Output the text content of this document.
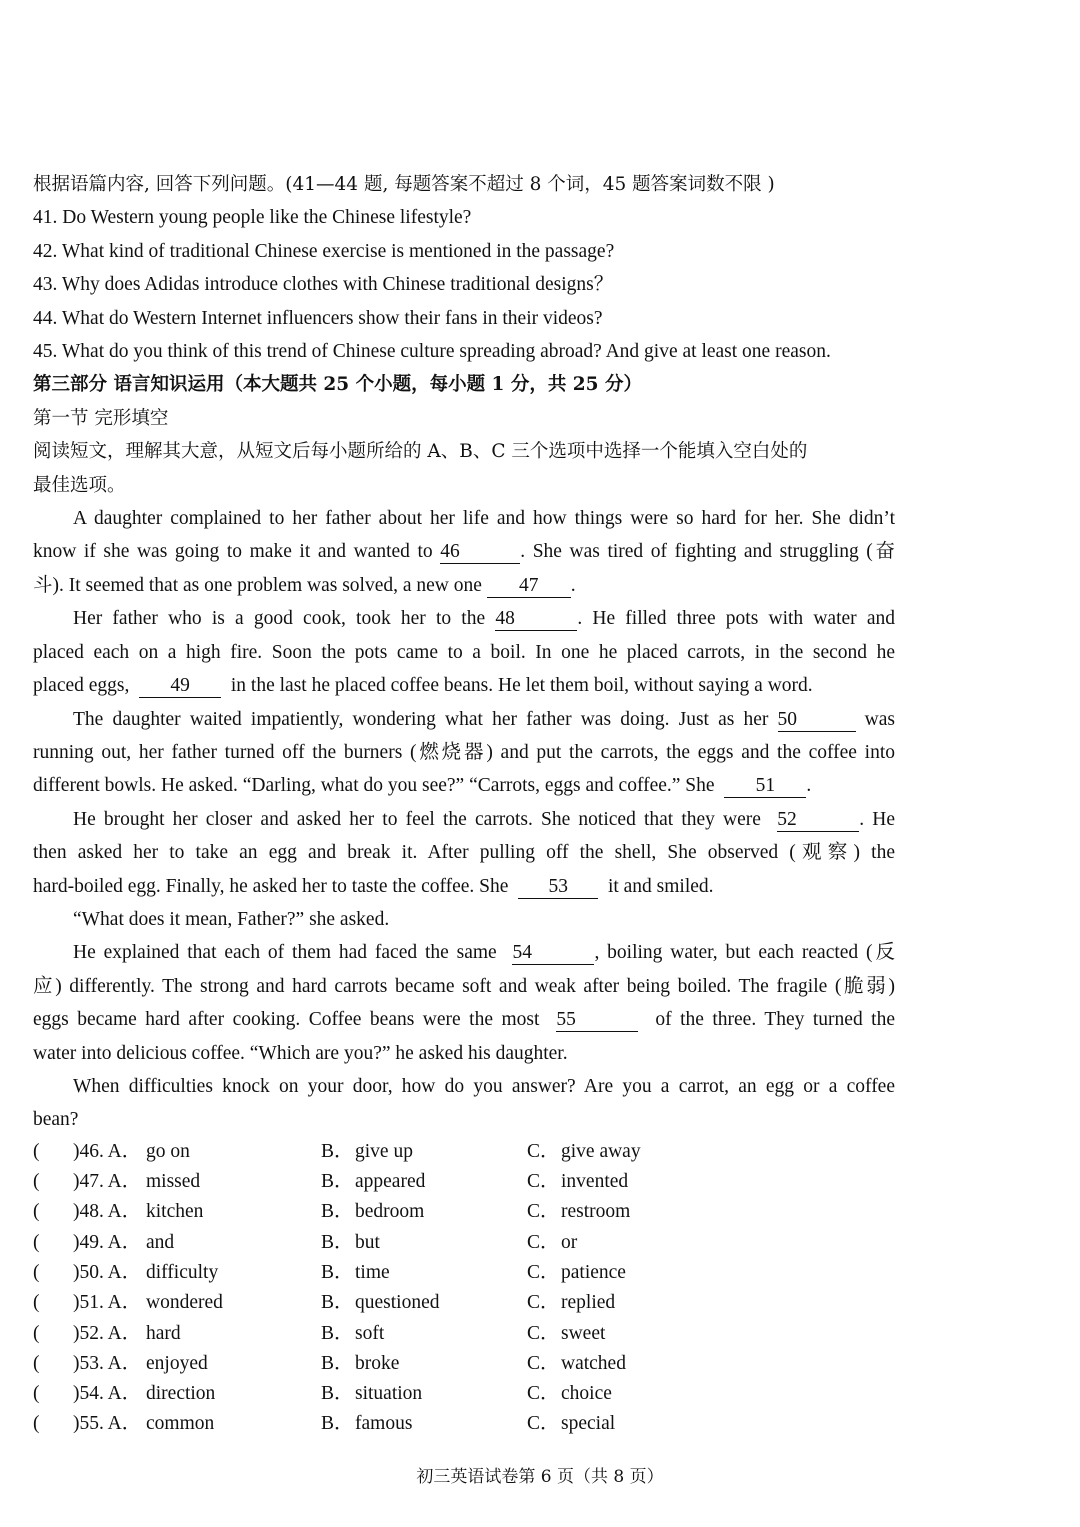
根据语篇内容, 回答下列问题。(41—44 题, 每题答案不超过 8 个词，45 题答案词数不限 )
41. Do Western young people like the Chinese lifestyle?
42. What kind of traditional Chinese exercise is mentioned in the passage?
43. Why does Adidas introduce clothes with Chinese traditional designs？
44. What do Western Internet influencers show their fans in their videos?
45. What do you think of this trend of Chinese culture spreading abroad? And give at least one reason.
第三部分 语言知识运用（本大题共 25 个小题，每小题 1 分，共 25 分）
第一节 完形填空
阅读短文，理解其大意，从短文后每小题所给的 A、B、C 三个选项中选择一个能填入空白处的
最佳选项。
A daughter complained to her father about her life and how things were so hard for her. She didn’t
know if she was going to make it and wanted to 46	. She was tired of fighting and struggling (奋
斗). It seemed that as one problem was solved, a new one 47 .
Her father who is a good cook, took her to the 48	. He filled three pots with water and
placed each on a high fire. Soon the pots came to a boil. In one he placed carrots, in the second he
placed eggs, 49 in the last he placed coffee beans. He let them boil, without saying a word.
The daughter waited impatiently, wondering what her father was doing. Just as her 50	was
running out, her father turned off the burners (燃烧器) and put the carrots, the eggs and the coffee into
different bowls. He asked. “Darling, what do you see?” “Carrots, eggs and coffee.” She 51 .
He brought her closer and asked her to feel the carrots. She noticed that they were 52	. He
then asked her to take an egg and break it. After pulling off the shell, She observed (观察) the
hard-boiled egg. Finally, he asked her to taste the coffee. She 53 it and smiled.
“What does it mean, Father?” she asked.
He explained that each of them had faced the same 54	, boiling water, but each reacted (反
应) differently. The strong and hard carrots became soft and weak after being boiled. The fragile (脆弱)
eggs became hard after cooking. Coffee beans were the most 55	of the three. They turned the
water into delicious coffee. “Which are you?” he asked his daughter.
When difficulties knock on your door, how do you answer? Are you a carrot, an egg or a coffee
bean?
( )46. A． go on	B． give up	C． give away
( )47. A． missed	B． appeared	C． invented
( )48. A． kitchen	B． bedroom	C． restroom
( )49. A． and	B． but	C． or
( )50. A． difficulty	B． time	C． patience
( )51. A． wondered	B． questioned	C． replied
( )52. A． hard	B． soft	C． sweet
( )53. A． enjoyed	B． broke	C． watched
( )54. A． direction	B． situation	C． choice
( )55. A． common	B． famous	C． special
初三英语试卷第 6 页（共 8 页）
